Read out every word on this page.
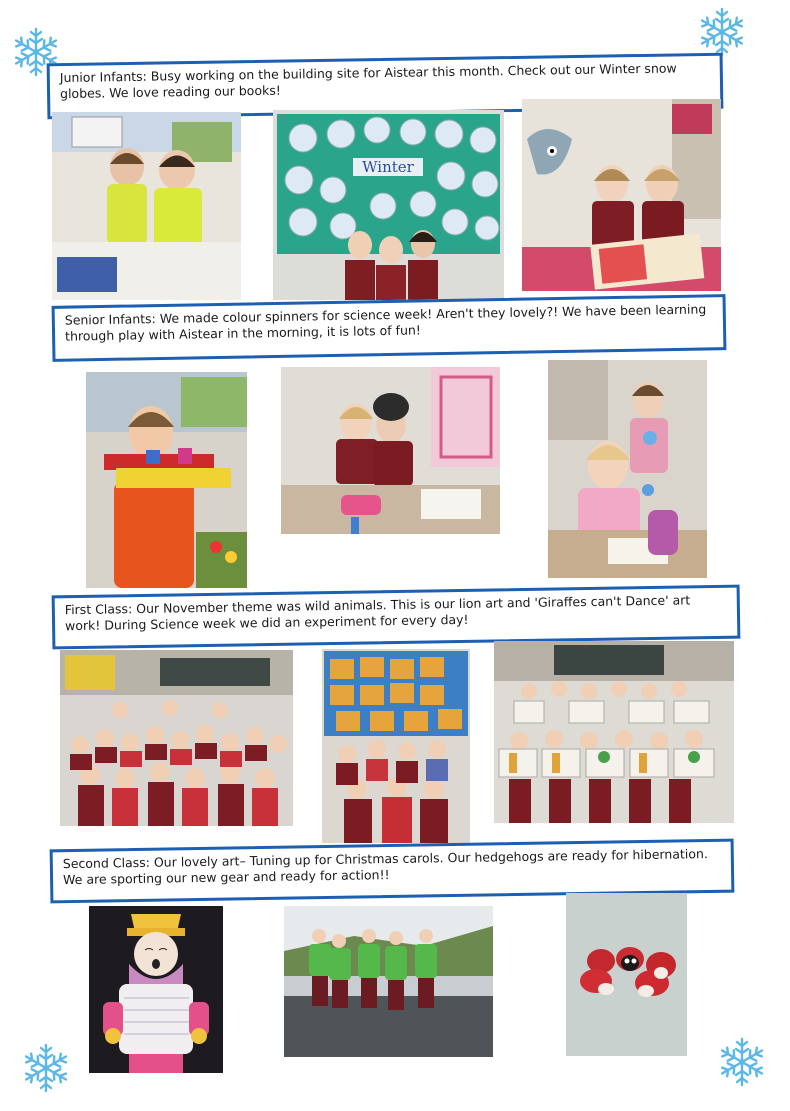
Junior Infants: Busy working on the building site for Aistear this month. Check out our Winter snow globes. We love reading our books!
Winter
Senior Infants: We made colour spinners for science week! Aren't they lovely?! We have been learning through play with Aistear in the morning, it is lots of fun!
First Class: Our November theme was wild animals. This is our lion art and 'Giraffes can't Dance' art work! During Science week we did an experiment for every day!
Second Class: Our lovely art– Tuning up for Christmas carols. Our hedgehogs are ready for hibernation. We are sporting our new gear and ready for action!!
